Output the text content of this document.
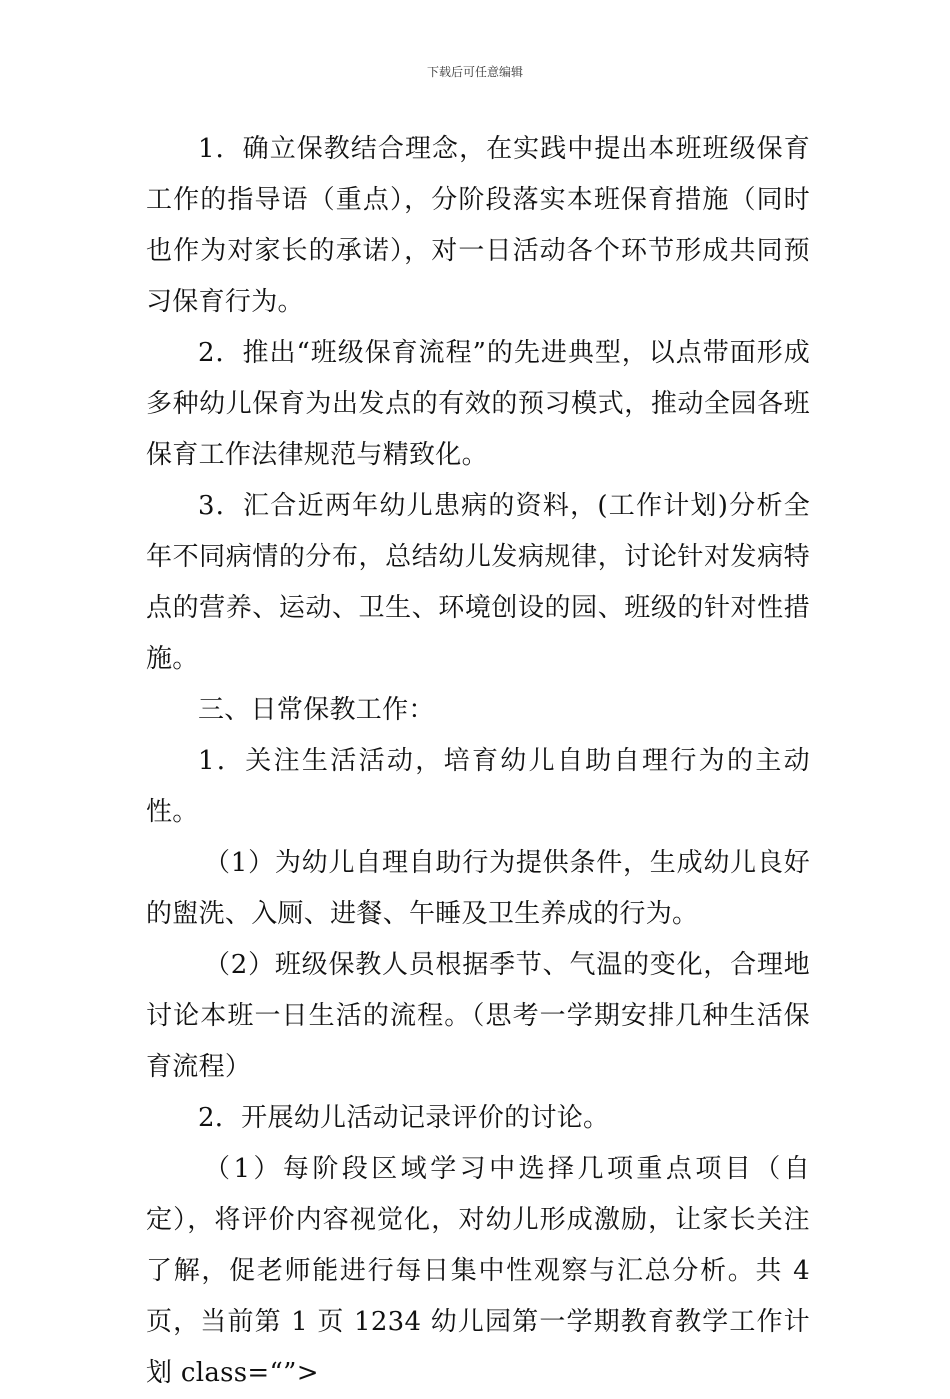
下载后可任意编辑

1．确立保教结合理念，在实践中提出本班班级保育工作的指导语（重点），分阶段落实本班保育措施（同时也作为对家长的承诺），对一日活动各个环节形成共同预习保育行为。

2．推出“班级保育流程”的先进典型，以点带面形成多种幼儿保育为出发点的有效的预习模式，推动全园各班保育工作法律规范与精致化。

3．汇合近两年幼儿患病的资料，(工作计划)分析全年不同病情的分布，总结幼儿发病规律，讨论针对发病特点的营养、运动、卫生、环境创设的园、班级的针对性措施。

三、日常保教工作：

1．关注生活活动，培育幼儿自助自理行为的主动性。

（1）为幼儿自理自助行为提供条件，生成幼儿良好的盥洗、入厕、进餐、午睡及卫生养成的行为。

（2）班级保教人员根据季节、气温的变化，合理地讨论本班一日生活的流程。（思考一学期安排几种生活保育流程）

2．开展幼儿活动记录评价的讨论。

（1）每阶段区域学习中选择几项重点项目（自定），将评价内容视觉化，对幼儿形成激励，让家长关注了解，促老师能进行每日集中性观察与汇总分析。共 4 页，当前第 1 页 1234 幼儿园第一学期教育教学工作计划 class=“”>
